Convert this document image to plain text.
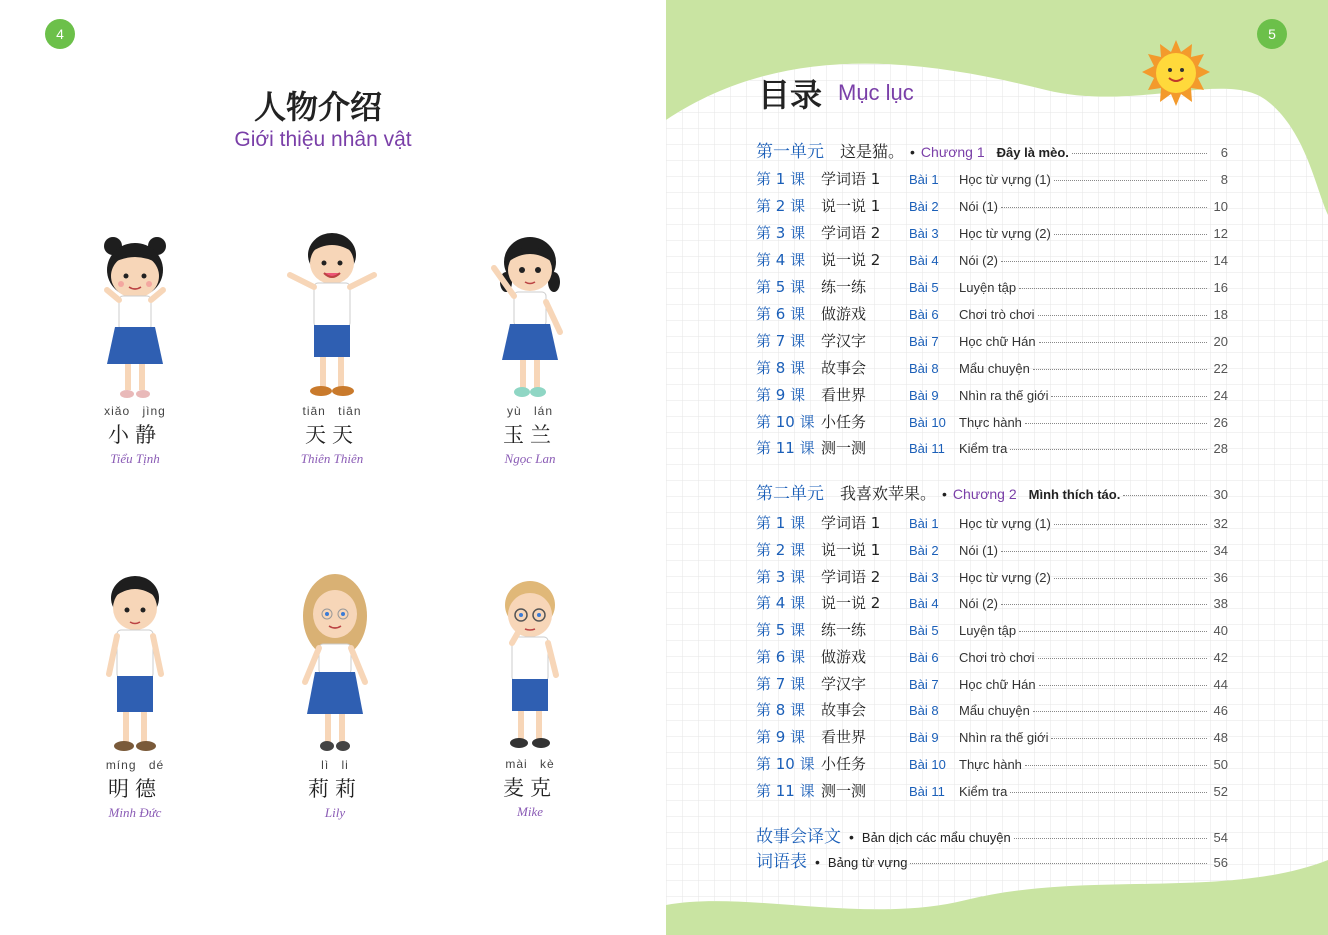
4
人物介绍
Giới thiệu nhân vật
xiǎo jìng
小静
Tiểu Tịnh
tiān tiān
天天
Thiên Thiên
yù lán
玉兰
Ngọc Lan
míng dé
明德
Minh Đức
lì li
莉莉
Lily
mài kè
麦克
Mike
5
目录 Mục lục
第一单元 这是猫。 • Chương 1 Đây là mèo.	6
第 1 课	学词语 1	Bài 1	Học từ vựng (1)	8
第 2 课	说一说 1	Bài 2	Nói (1)	10
第 3 课	学词语 2	Bài 3	Học từ vựng (2)	12
第 4 课	说一说 2	Bài 4	Nói (2)	14
第 5 课	练一练	Bài 5	Luyện tập	16
第 6 课	做游戏	Bài 6	Chơi trò chơi	18
第 7 课	学汉字	Bài 7	Học chữ Hán	20
第 8 课	故事会	Bài 8	Mẩu chuyện	22
第 9 课	看世界	Bài 9	Nhìn ra thế giới	24
第 10 课 小任务	Bài 10	Thực hành	26
第 11 课 测一测	Bài 11	Kiểm tra	28
第二单元 我喜欢苹果。 • Chương 2 Mình thích táo.	30
第 1 课	学词语 1	Bài 1	Học từ vựng (1)	32
第 2 课	说一说 1	Bài 2	Nói (1)	34
第 3 课	学词语 2	Bài 3	Học từ vựng (2)	36
第 4 课	说一说 2	Bài 4	Nói (2)	38
第 5 课	练一练	Bài 5	Luyện tập	40
第 6 课	做游戏	Bài 6	Chơi trò chơi	42
第 7 课	学汉字	Bài 7	Học chữ Hán	44
第 8 课	故事会	Bài 8	Mẩu chuyện	46
第 9 课	看世界	Bài 9	Nhìn ra thế giới	48
第 10 课 小任务	Bài 10	Thực hành	50
第 11 课 测一测	Bài 11	Kiểm tra	52
故事会译文 • Bản dịch các mẩu chuyện	54
词语表 • Bảng từ vựng	56
